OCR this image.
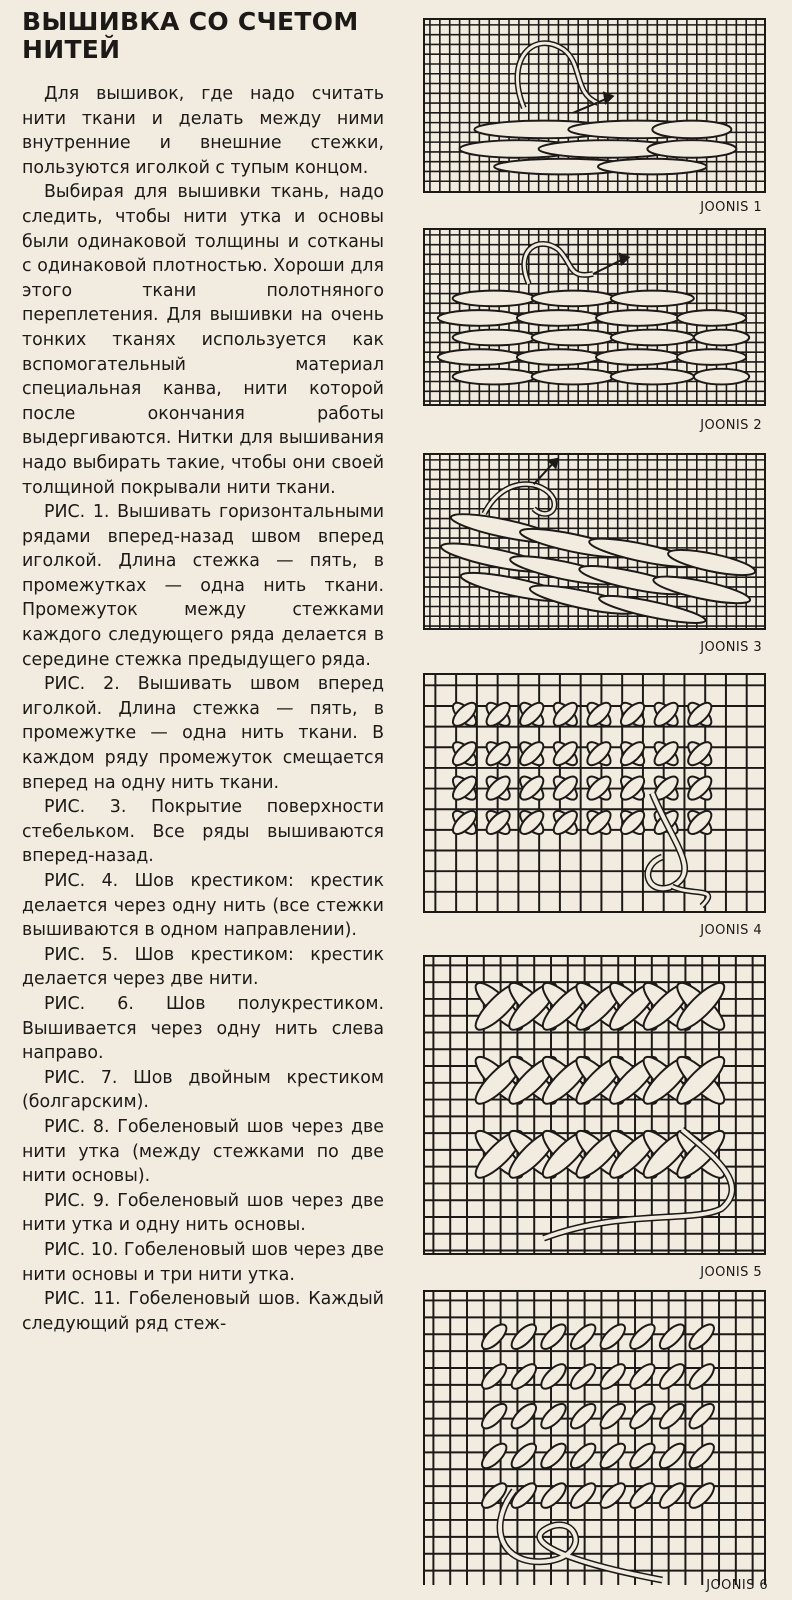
ВЫШИВКА СО СЧЕТОМ НИТЕЙ

Для вышивок, где надо считать нити ткани и делать между ними внутренние и внешние стежки, пользуются иголкой с тупым концом.

Выбирая для вышивки ткань, надо следить, чтобы нити утка и основы были одинаковой толщины и сотканы с одинаковой плотностью. Хороши для этого ткани полотняного переплетения. Для вышивки на очень тонких тканях используется как вспомогательный материал специальная канва, нити которой после окончания работы выдергиваются. Нитки для вышивания надо выбирать такие, чтобы они своей толщиной покрывали нити ткани.

РИС. 1. Вышивать горизонтальными рядами вперед-назад швом вперед иголкой. Длина стежка — пять, в промежутках — одна нить ткани. Промежуток между стежками каждого следующего ряда делается в середине стежка предыдущего ряда.

РИС. 2. Вышивать швом вперед иголкой. Длина стежка — пять, в промежутке — одна нить ткани. В каждом ряду промежуток смещается вперед на одну нить ткани.

РИС. 3. Покрытие поверхности стебельком. Все ряды вышиваются вперед-назад.

РИС. 4. Шов крестиком: крестик делается через одну нить (все стежки вышиваются в одном направлении).

РИС. 5. Шов крестиком: крестик делается через две нити.

РИС. 6. Шов полукрестиком. Вышивается через одну нить слева направо.

РИС. 7. Шов двойным крестиком (болгарским).

РИС. 8. Гобеленовый шов через две нити утка (между стежками по две нити основы).

РИС. 9. Гобеленовый шов через две нити утка и одну нить основы.

РИС. 10. Гобеленовый шов через две нити основы и три нити утка.

РИС. 11. Гобеленовый шов. Каждый следующий ряд стеж-

JOONIS 1
JOONIS 2
JOONIS 3
JOONIS 4
JOONIS 5
JOONIS 6
